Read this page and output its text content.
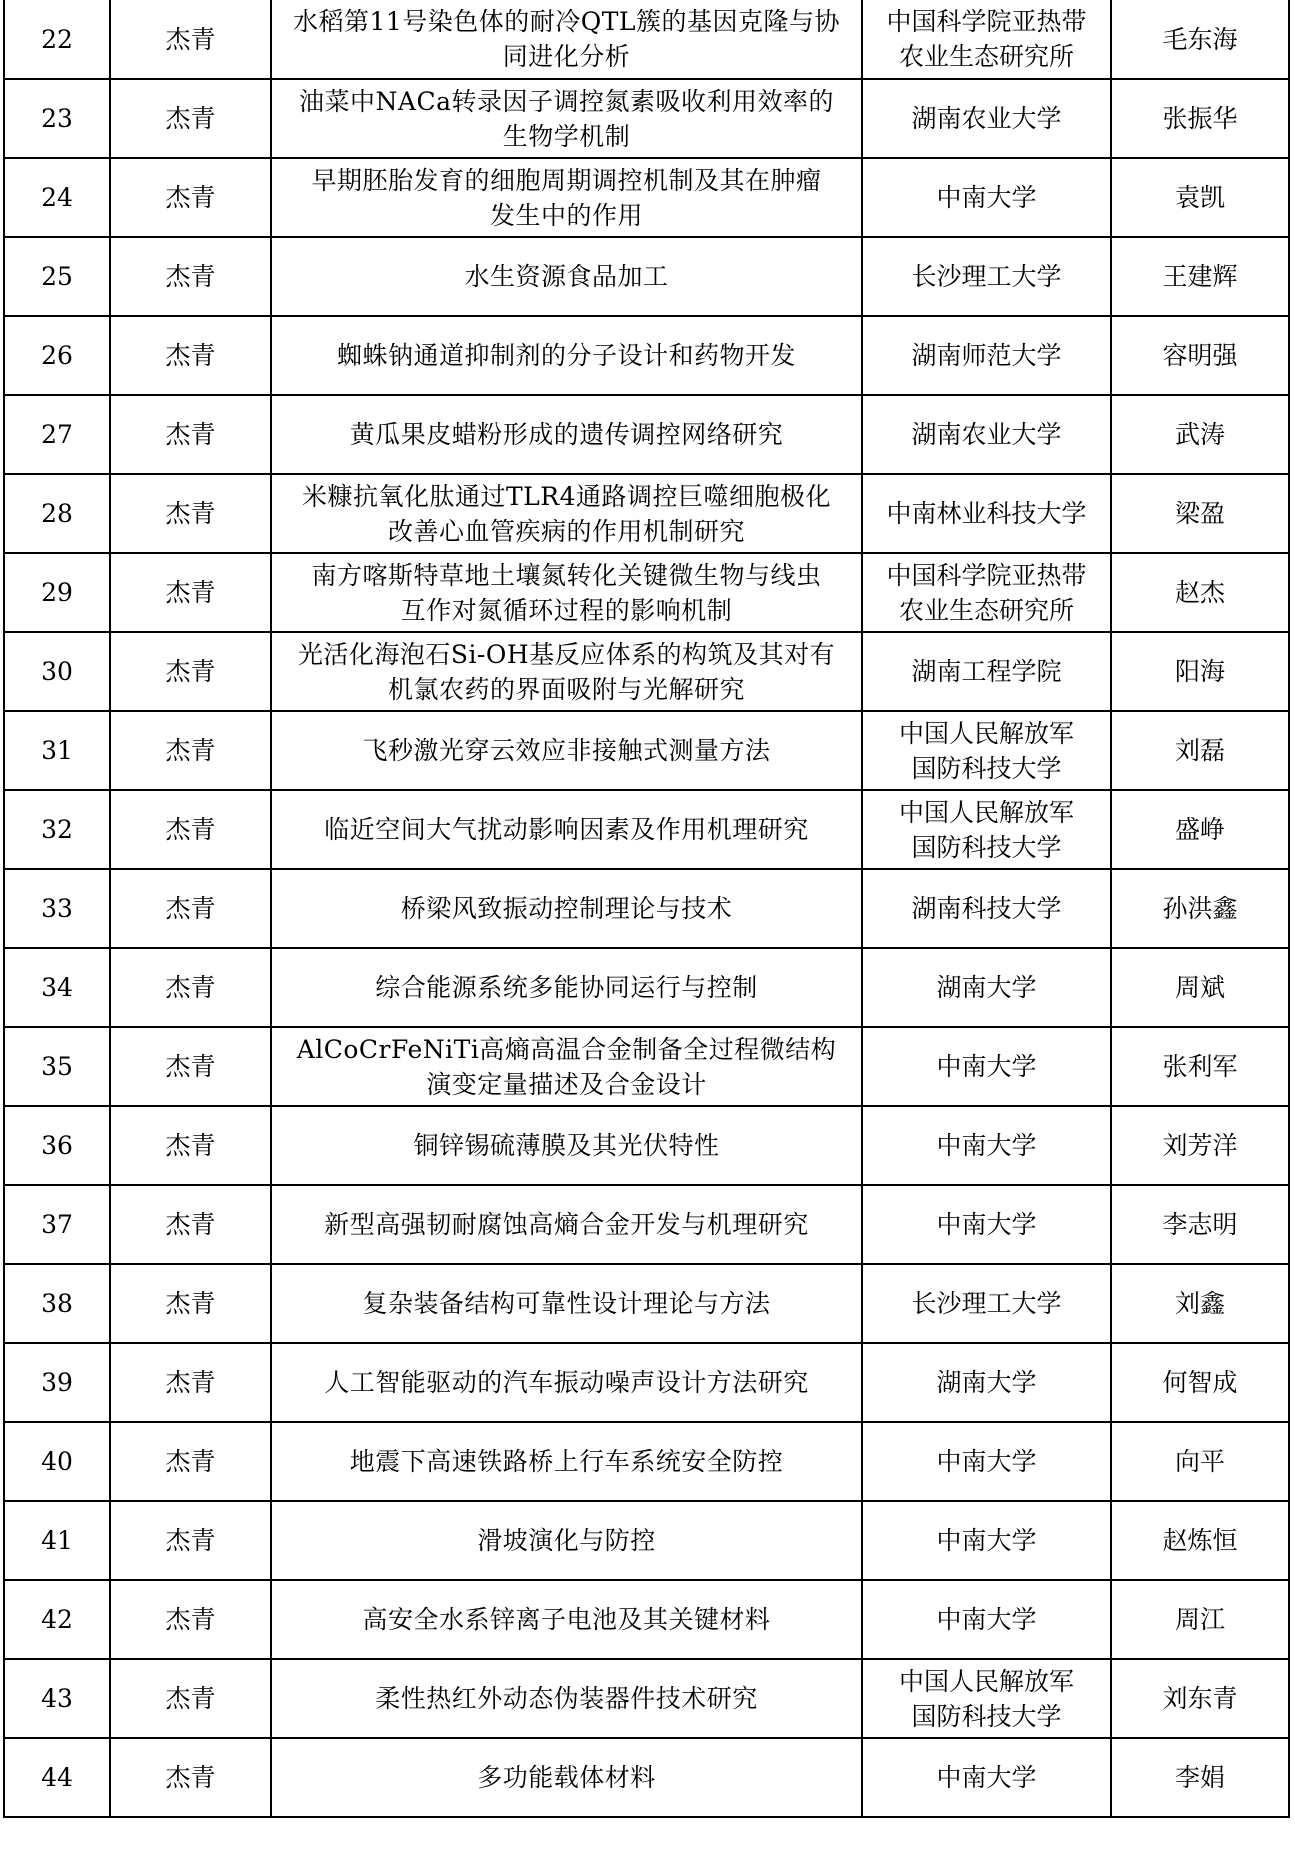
22	杰青	水稻第11号染色体的耐冷QTL簇的基因克隆与协
同进化分析	中国科学院亚热带
农业生态研究所	毛东海
23	杰青	油菜中NACa转录因子调控氮素吸收利用效率的
生物学机制	湖南农业大学	张振华
24	杰青	早期胚胎发育的细胞周期调控机制及其在肿瘤
发生中的作用	中南大学	袁凯
25	杰青	水生资源食品加工	长沙理工大学	王建辉
26	杰青	蜘蛛钠通道抑制剂的分子设计和药物开发	湖南师范大学	容明强
27	杰青	黄瓜果皮蜡粉形成的遗传调控网络研究	湖南农业大学	武涛
28	杰青	米糠抗氧化肽通过TLR4通路调控巨噬细胞极化
改善心血管疾病的作用机制研究	中南林业科技大学	梁盈
29	杰青	南方喀斯特草地土壤氮转化关键微生物与线虫
互作对氮循环过程的影响机制	中国科学院亚热带
农业生态研究所	赵杰
30	杰青	光活化海泡石Si-OH基反应体系的构筑及其对有
机氯农药的界面吸附与光解研究	湖南工程学院	阳海
31	杰青	飞秒激光穿云效应非接触式测量方法	中国人民解放军
国防科技大学	刘磊
32	杰青	临近空间大气扰动影响因素及作用机理研究	中国人民解放军
国防科技大学	盛峥
33	杰青	桥梁风致振动控制理论与技术	湖南科技大学	孙洪鑫
34	杰青	综合能源系统多能协同运行与控制	湖南大学	周斌
35	杰青	AlCoCrFeNiTi高熵高温合金制备全过程微结构
演变定量描述及合金设计	中南大学	张利军
36	杰青	铜锌锡硫薄膜及其光伏特性	中南大学	刘芳洋
37	杰青	新型高强韧耐腐蚀高熵合金开发与机理研究	中南大学	李志明
38	杰青	复杂装备结构可靠性设计理论与方法	长沙理工大学	刘鑫
39	杰青	人工智能驱动的汽车振动噪声设计方法研究	湖南大学	何智成
40	杰青	地震下高速铁路桥上行车系统安全防控	中南大学	向平
41	杰青	滑坡演化与防控	中南大学	赵炼恒
42	杰青	高安全水系锌离子电池及其关键材料	中南大学	周江
43	杰青	柔性热红外动态伪装器件技术研究	中国人民解放军
国防科技大学	刘东青
44	杰青	多功能载体材料	中南大学	李娟
